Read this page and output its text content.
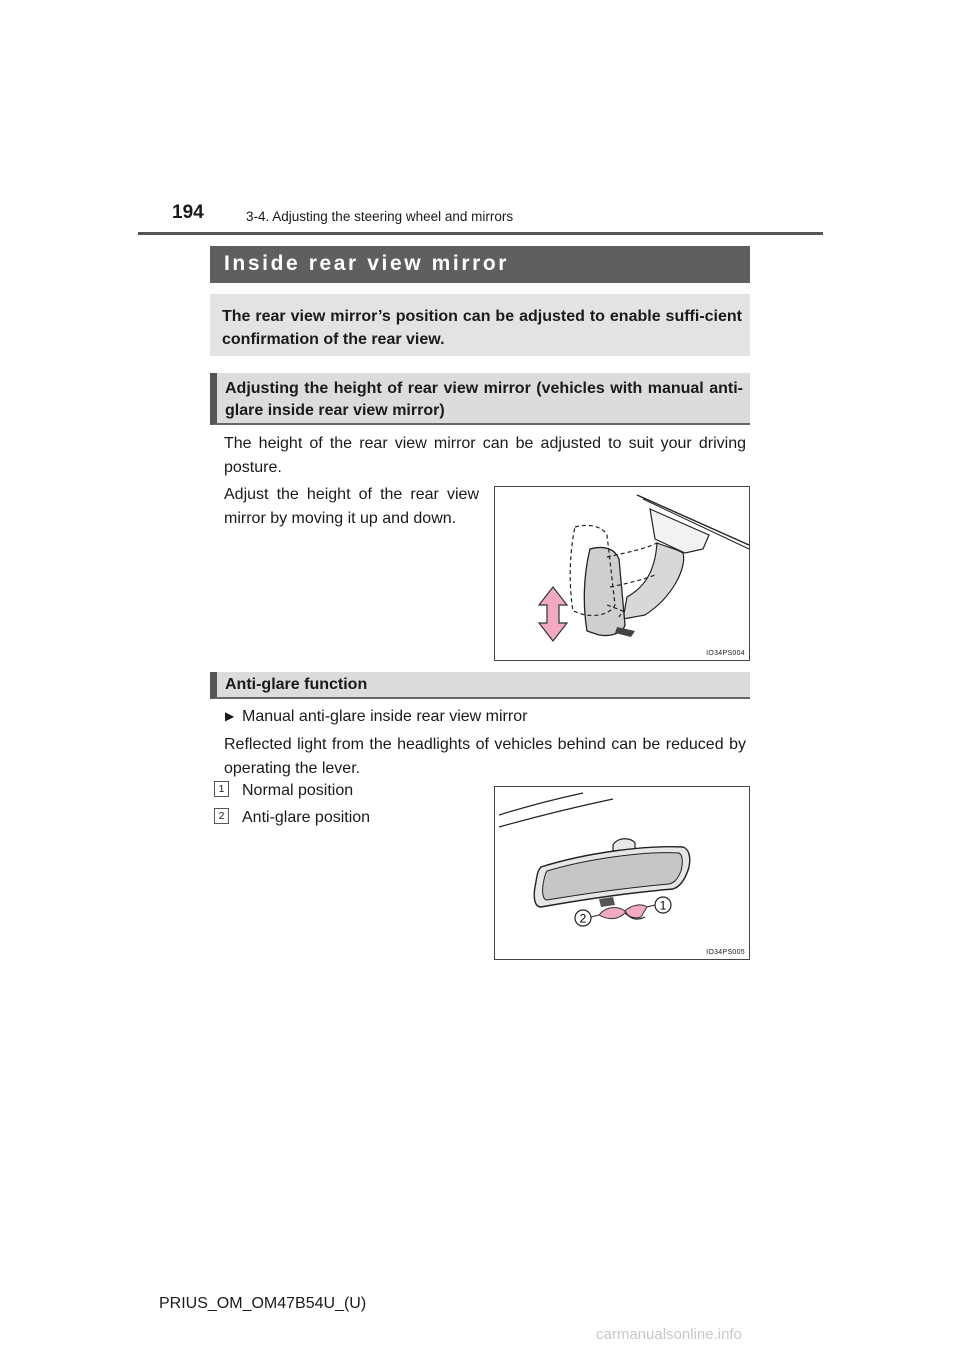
194	3-4. Adjusting the steering wheel and mirrors
Inside rear view mirror

The rear view mirror’s position can be adjusted to enable suffi-cient confirmation of the rear view.

Adjusting the height of rear view mirror (vehicles with manual anti-glare inside rear view mirror)

The height of the rear view mirror can be adjusted to suit your driving posture.

Adjust the height of the rear view mirror by moving it up and down.

IO34PS004

Anti-glare function

▶ Manual anti-glare inside rear view mirror

Reflected light from the headlights of vehicles behind can be reduced by operating the lever.

1 Normal position
2 Anti-glare position
2
1
IO34PS005
PRIUS_OM_OM47B54U_(U)
carmanualsonline.info
